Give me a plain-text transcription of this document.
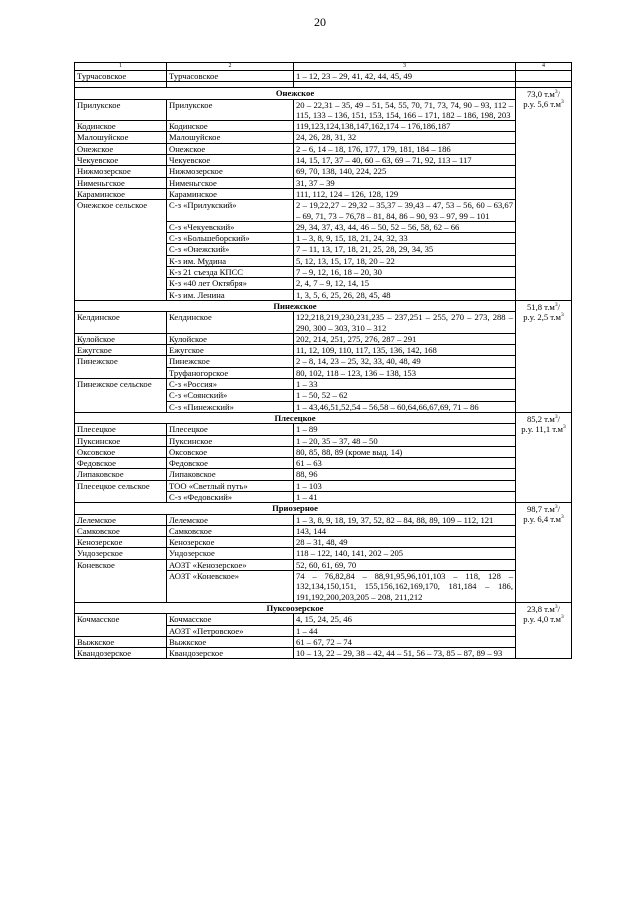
20
1	2	3	4
Турчасовское	Турчасовское	1 – 12, 23 – 29, 41, 42, 44, 45, 49	

Онежское			73,0 $т.м^3/$
р.у. 5,6 $т.м^3$

Прилукское	Прилукское	20 – 22,31 – 35, 49 – 51, 54, 55, 70, 71, 73, 74, 90 – 93, 112 – 115, 133 – 136, 151, 153, 154, 166 – 171, 182 – 186, 198, 203	
Кодинское	Кодинское	119,123,124,138,147,162,174 – 176,186,187	
Малошуйское	Малошуйское	24, 26, 28, 31, 32	
Онежское	Онежское	2 – 6, 14 – 18, 176, 177, 179, 181, 184 – 186	
Чекуевское	Чекуевское	14, 15, 17, 37 – 40, 60 – 63, 69 – 71, 92, 113 – 117	
Нижмозерское	Нижмозерское	69, 70, 138, 140, 224, 225	
Нименьгское	Нименьгское	31, 37 – 39	
Караминское	Караминское	111, 112, 124 – 126, 128, 129	
Онежское сельское	С-з «Прилукский»	2 – 19,22,27 – 29,32 – 35,37 – 39,43 – 47, 53 – 56, 60 – 63,67 – 69, 71, 73 – 76,78 – 81, 84, 86 – 90, 93 – 97, 99 – 101	
	С-з «Чекуевский»	29, 34, 37, 43, 44, 46 – 50, 52 – 56, 58, 62 – 66	
	С-з «Большеборский»	1 – 3, 8, 9, 15, 18, 21, 24, 32, 33	
	С-з «Онежский»	7 – 11, 13, 17, 18, 21, 25, 28, 29, 34, 35	
	К-з им. Мудина	5, 12, 13, 15, 17, 18, 20 – 22	
	К-з 21 съезда КПСС	7 – 9, 12, 16, 18 – 20, 30	
	К-з «40 лет Октября»	2, 4, 7 – 9, 12, 14, 15	
	К-з им. Ленина	1, 3, 5, 6, 25, 26, 28, 45, 48	
Пинежское			51,8 $т.м^3/$
р.у. 2,5 $т.м^3$

Келдинское	Келдинское	122,218,219,230,231,235 – 237,251 – 255, 270 – 273, 288 – 290, 300 – 303, 310 – 312	
Кулойское	Кулойское	202, 214, 251, 275, 276, 287 – 291	
Ежугское	Ежугское	11, 12, 109, 110, 117, 135, 136, 142, 168	
Пинежское	Пинежское	2 – 8, 14, 23 – 25, 32, 33, 40, 48, 49	
	Труфаногорское	80, 102, 118 – 123, 136 – 138, 153	
Пинежское сельское	С-з «Россия»	1 – 33	
	С-з «Соянский»	1 – 50, 52 – 62	
	С-з «Пинежский»	1 – 43,46,51,52,54 – 56,58 – 60,64,66,67,69, 71 – 86	
Плесецкое			85,2 $т.м^3/$
р.у. 11,1 $т.м^3$

Плесецкое	Плесецкое	1 – 89	
Пуксинское	Пуксинское	1 – 20, 35 – 37, 48 – 50	
Оксовское	Оксовское	80, 85, 88, 89 (кроме выд. 14)	
Федовское	Федовское	61 – 63	
Липаковское	Липаковское	88, 96	
Плесецкое сельское	ТОО «Светлый путь»	1 – 103	
	С-з «Федовский»	1 – 41	
Приозерное			98,7 $т.м^3/$
р.у. 6,4 $т.м^3$

Лелемское	Лелемское	1 – 3, 8, 9, 18, 19, 37, 52, 82 – 84, 88, 89, 109 – 112, 121	
Самковское	Самковское	143, 144	
Кенозерское	Кенозерское	28 – 31, 48, 49	
Ундозерское	Ундозерское	118 – 122, 140, 141, 202 – 205	
Коневское	АОЗТ «Кенозерское»	52, 60, 61, 69, 70	
	АОЗТ «Коневское»	74 – 76,82,84 – 88,91,95,96,101,103 – 118, 128 – 132,134,150,151, 155,156,162,169,170, 181,184 – 186, 191,192,200,203,205 – 208, 211,212	
Пуксоозерское			23,8 $т.м^3/$
р.у. 4,0 $т.м^3$

Кочмасское	Кочмасское	4, 15, 24, 25, 46	
	АОЗТ «Петровское»	1 – 44	
Выжкское	Выжкское	61 – 67, 72 – 74	
Квандозерское	Квандозерское	10 – 13, 22 – 29, 38 – 42, 44 – 51, 56 – 73, 85 – 87, 89 – 93	
